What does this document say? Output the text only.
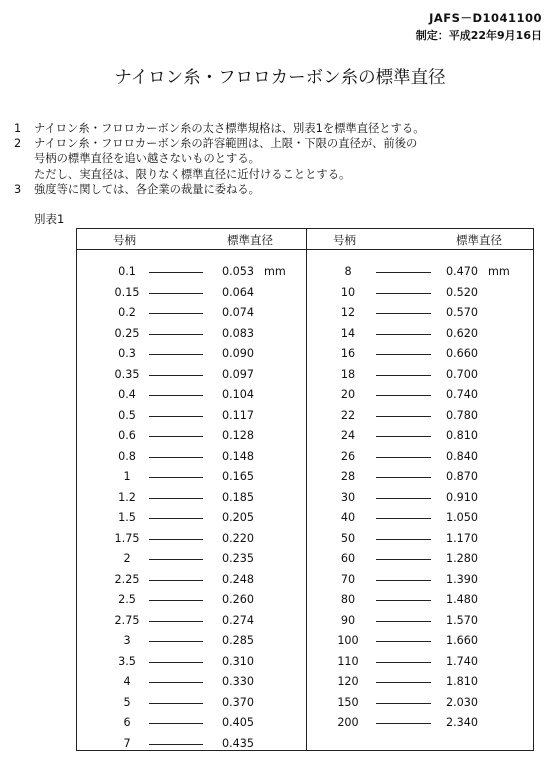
JAFS－D1041100
制定：平成22年9月16日
ナイロン糸・フロロカーボン糸の標準直径
1	ナイロン糸・フロロカーボン糸の太さ標準規格は、別表1を標準直径とする。
2	ナイロン糸・フロロカーボン糸の許容範囲は、上限・下限の直径が、前後の
号柄の標準直径を追い越さないものとする。
ただし、実直径は、限りなく標準直径に近付けることとする。
3	強度等に関しては、各企業の裁量に委ねる。
別表1
号柄	標準直径
0.1	0.053 mm
0.15	0.064
0.2	0.074
0.25	0.083
0.3	0.090
0.35	0.097
0.4	0.104
0.5	0.117
0.6	0.128
0.8	0.148
1	0.165
1.2	0.185
1.5	0.205
1.75	0.220
2	0.235
2.25	0.248
2.5	0.260
2.75	0.274
3	0.285
3.5	0.310
4	0.330
5	0.370
6	0.405
7	0.435
号柄	標準直径
8	0.470 mm
10	0.520
12	0.570
14	0.620
16	0.660
18	0.700
20	0.740
22	0.780
24	0.810
26	0.840
28	0.870
30	0.910
40	1.050
50	1.170
60	1.280
70	1.390
80	1.480
90	1.570
100	1.660
110	1.740
120	1.810
150	2.030
200	2.340
